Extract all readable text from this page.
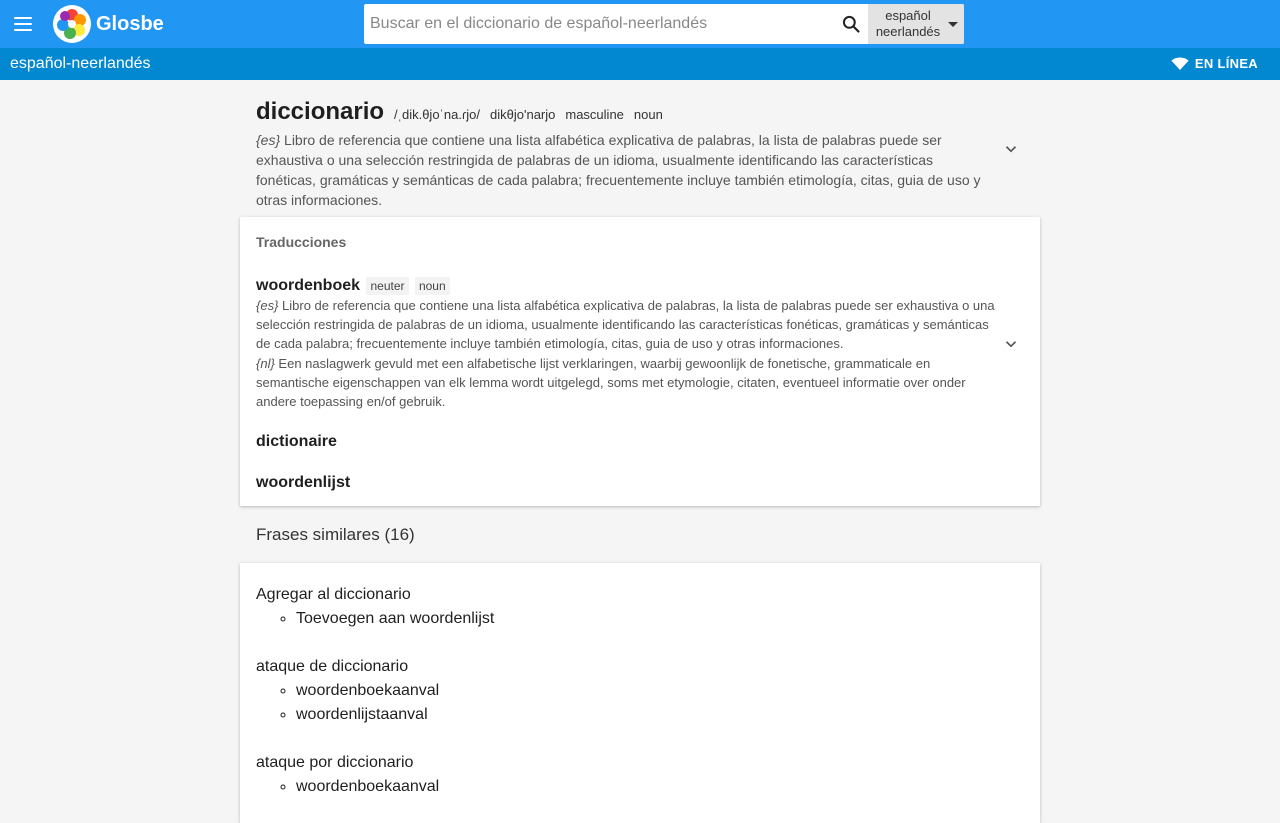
Glosbe
Buscar en el diccionario de español-neerlandés	español
neerlandés
español-neerlandés	EN LÍNEA
diccionario /ˌdik.θjoˈna.ɾjo/ dikθjo'narjo masculine noun
{es} Libro de referencia que contiene una lista alfabética explicativa de palabras, la lista de palabras puede ser exhaustiva o una selección restringida de palabras de un idioma, usualmente identificando las características fonéticas, gramáticas y semánticas de cada palabra; frecuentemente incluye también etimología, citas, guia de uso y otras informaciones.
Traducciones
woordenboek neuter noun
{es} Libro de referencia que contiene una lista alfabética explicativa de palabras, la lista de palabras puede ser exhaustiva o una selección restringida de palabras de un idioma, usualmente identificando las características fonéticas, gramáticas y semánticas de cada palabra; frecuentemente incluye también etimología, citas, guia de uso y otras informaciones.
{nl} Een naslagwerk gevuld met een alfabetische lijst verklaringen, waarbij gewoonlijk de fonetische, grammaticale en semantische eigenschappen van elk lemma wordt uitgelegd, soms met etymologie, citaten, eventueel informatie over onder andere toepassing en/of gebruik.
dictionaire
woordenlijst
Frases similares (16)
Agregar al diccionario
◦ Toevoegen aan woordenlijst
ataque de diccionario
◦ woordenboekaanval
◦ woordenlijstaanval
ataque por diccionario
◦ woordenboekaanval
